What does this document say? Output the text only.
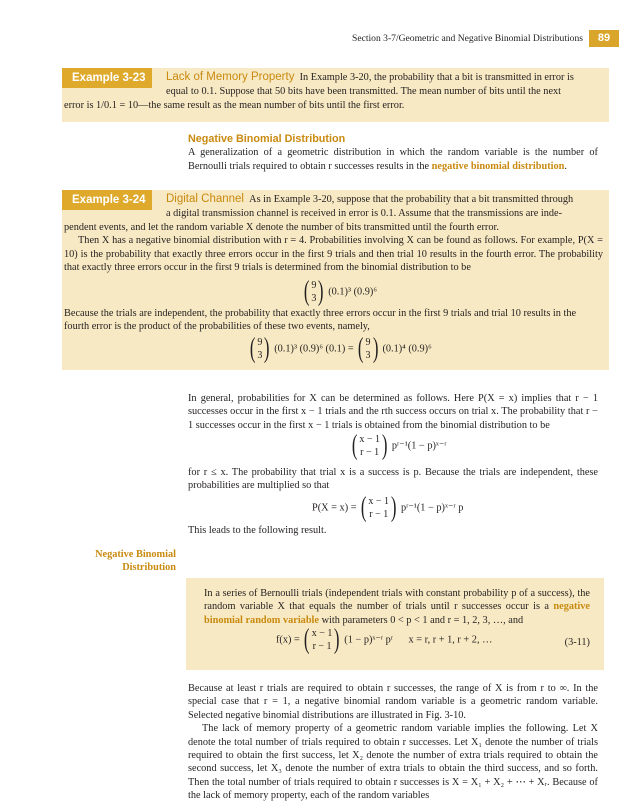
Section 3-7/Geometric and Negative Binomial Distributions	89
Example 3-23	Lack of Memory Property In Example 3-20, the probability that a bit is transmitted in error is
equal to 0.1. Suppose that 50 bits have been transmitted. The mean number of bits until the next
error is 1/0.1 = 10—the same result as the mean number of bits until the first error.

Negative Binomial Distribution

A generalization of a geometric distribution in which the random variable is the number of Bernoulli trials required to obtain r successes results in the negative binomial distribution.

Example 3-24	Digital Channel As in Example 3-20, suppose that the probability that a bit transmitted through
a digital transmission channel is received in error is 0.1. Assume that the transmissions are inde-

pendent events, and let the random variable X denote the number of bits transmitted until the fourth error.

Then X has a negative binomial distribution with r = 4. Probabilities involving X can be found as follows. For example, P(X = 10) is the probability that exactly three errors occur in the first 9 trials and then trial 10 results in the fourth error. The probability that exactly three errors occur in the first 9 trials is determined from the binomial distribution to be

( 9
3) (0.1)³ (0.9)⁶
Because the trials are independent, the probability that exactly three errors occur in the first 9 trials and trial 10 results in the fourth error is the product of the probabilities of these two events, namely,
( 9
3) (0.1)³ (0.9)⁶ (0.1) = ( 9
3) (0.1)⁴ (0.9)⁶

In general, probabilities for X can be determined as follows. Here P(X = x) implies that r − 1 successes occur in the first x − 1 trials and the rth success occurs on trial x. The probability that r − 1 successes occur in the first x − 1 trials is obtained from the binomial distribution to be

( x − 1
r − 1) pʳ⁻¹(1 − p)ˣ⁻ʳ

for r ≤ x. The probability that trial x is a success is p. Because the trials are independent, these probabilities are multiplied so that

P(X = x) = ( x − 1
r − 1) pʳ⁻¹(1 − p)ˣ⁻ʳ p
This leads to the following result.
Negative Binomial Distribution

In a series of Bernoulli trials (independent trials with constant probability p of a success), the random variable X that equals the number of trials until r successes occur is a negative binomial random variable with parameters 0 < p < 1 and r = 1, 2, 3, …, and

f(x) = ( x − 1
r − 1) (1 − p)ˣ⁻ʳ pʳ x = r, r + 1, r + 2, …	(3-11)

Because at least r trials are required to obtain r successes, the range of X is from r to ∞. In the special case that r = 1, a negative binomial random variable is a geometric random variable. Selected negative binomial distributions are illustrated in Fig. 3-10.

The lack of memory property of a geometric random variable implies the following. Let X denote the total number of trials required to obtain r successes. Let X₁ denote the number of trials required to obtain the first success, let X₂ denote the number of extra trials required to obtain the second success, let X₃ denote the number of extra trials to obtain the third success, and so forth. Then the total number of trials required to obtain r successes is X = X₁ + X₂ + ⋯ + Xᵣ. Because of the lack of memory property, each of the random variables
